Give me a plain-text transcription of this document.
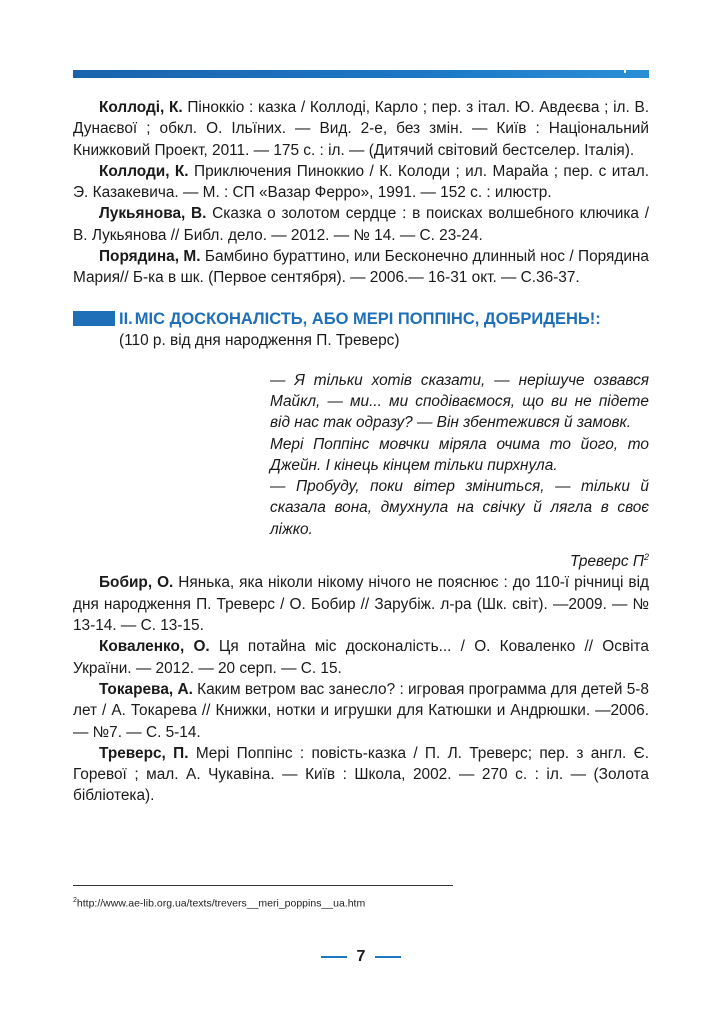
Коллоді, К. Піноккіо : казка / Коллоді, Карло ; пер. з італ. Ю. Авдеєва ; іл. В. Дунаєвої ; обкл. О. Ільїних. — Вид. 2-е, без змін. — Київ : Національний Книжковий Проект, 2011. — 175 с. : іл. — (Дитячий світовий бестселер. Італія).

Коллоди, К. Приключения Пиноккио / К. Колоди ; ил. Марайа ; пер. с итал. Э. Казакевича. — М. : СП «Вазар Ферро», 1991. — 152 с. : илюстр.

Лукьянова, В. Сказка о золотом сердце : в поисках волшебного ключика / В. Лукьянова // Библ. дело. — 2012. — № 14. — С. 23-24.

Порядина, М. Бамбино бураттино, или Бесконечно длинный нос / Порядина Мария// Б-ка в шк. (Первое сентября). — 2006.— 16-31 окт. — С.36-37.

II. МІС ДОСКОНАЛІСТЬ, АБО МЕРІ ПОППІНС, ДОБРИДЕНЬ!:
(110 р. від дня народження П. Треверс)

— Я тільки хотів сказати, — нерішуче озвався Майкл, — ми... ми сподіваємося, що ви не підете від нас так одразу? — Він збентежився й замовк.

Мері Поппінс мовчки міряла очима то його, то Джейн. І кінець кінцем тільки пирхнула.

— Пробуду, поки вітер зміниться, — тільки й сказала вона, дмухнула на свічку й лягла в своє ліжко.

Треверс $П^2$

Бобир, О. Нянька, яка ніколи нікому нічого не пояснює : до 110-ї річниці від дня народження П. Треверс / О. Бобир // Зарубіж. л-ра (Шк. світ). —2009. — № 13-14. — С. 13-15.

Коваленко, О. Ця потайна міс досконалість... / О. Коваленко // Освіта України. — 2012. — 20 серп. — С. 15.

Токарева, А. Каким ветром вас занесло? : игровая программа для детей 5-8 лет / А. Токарева // Книжки, нотки и игрушки для Катюшки и Андрюшки. —2006. — №7. — С. 5-14.

Треверс, П. Мері Поппінс : повість-казка / П. Л. Треверс; пер. з англ. Є. Горевої ; мал. А. Чукавіна. — Київ : Школа, 2002. — 270 с. : іл. — (Золота бібліотека).

$^2$http://www.ae-lib.org.ua/texts/trevers__meri_poppins__ua.htm
7
